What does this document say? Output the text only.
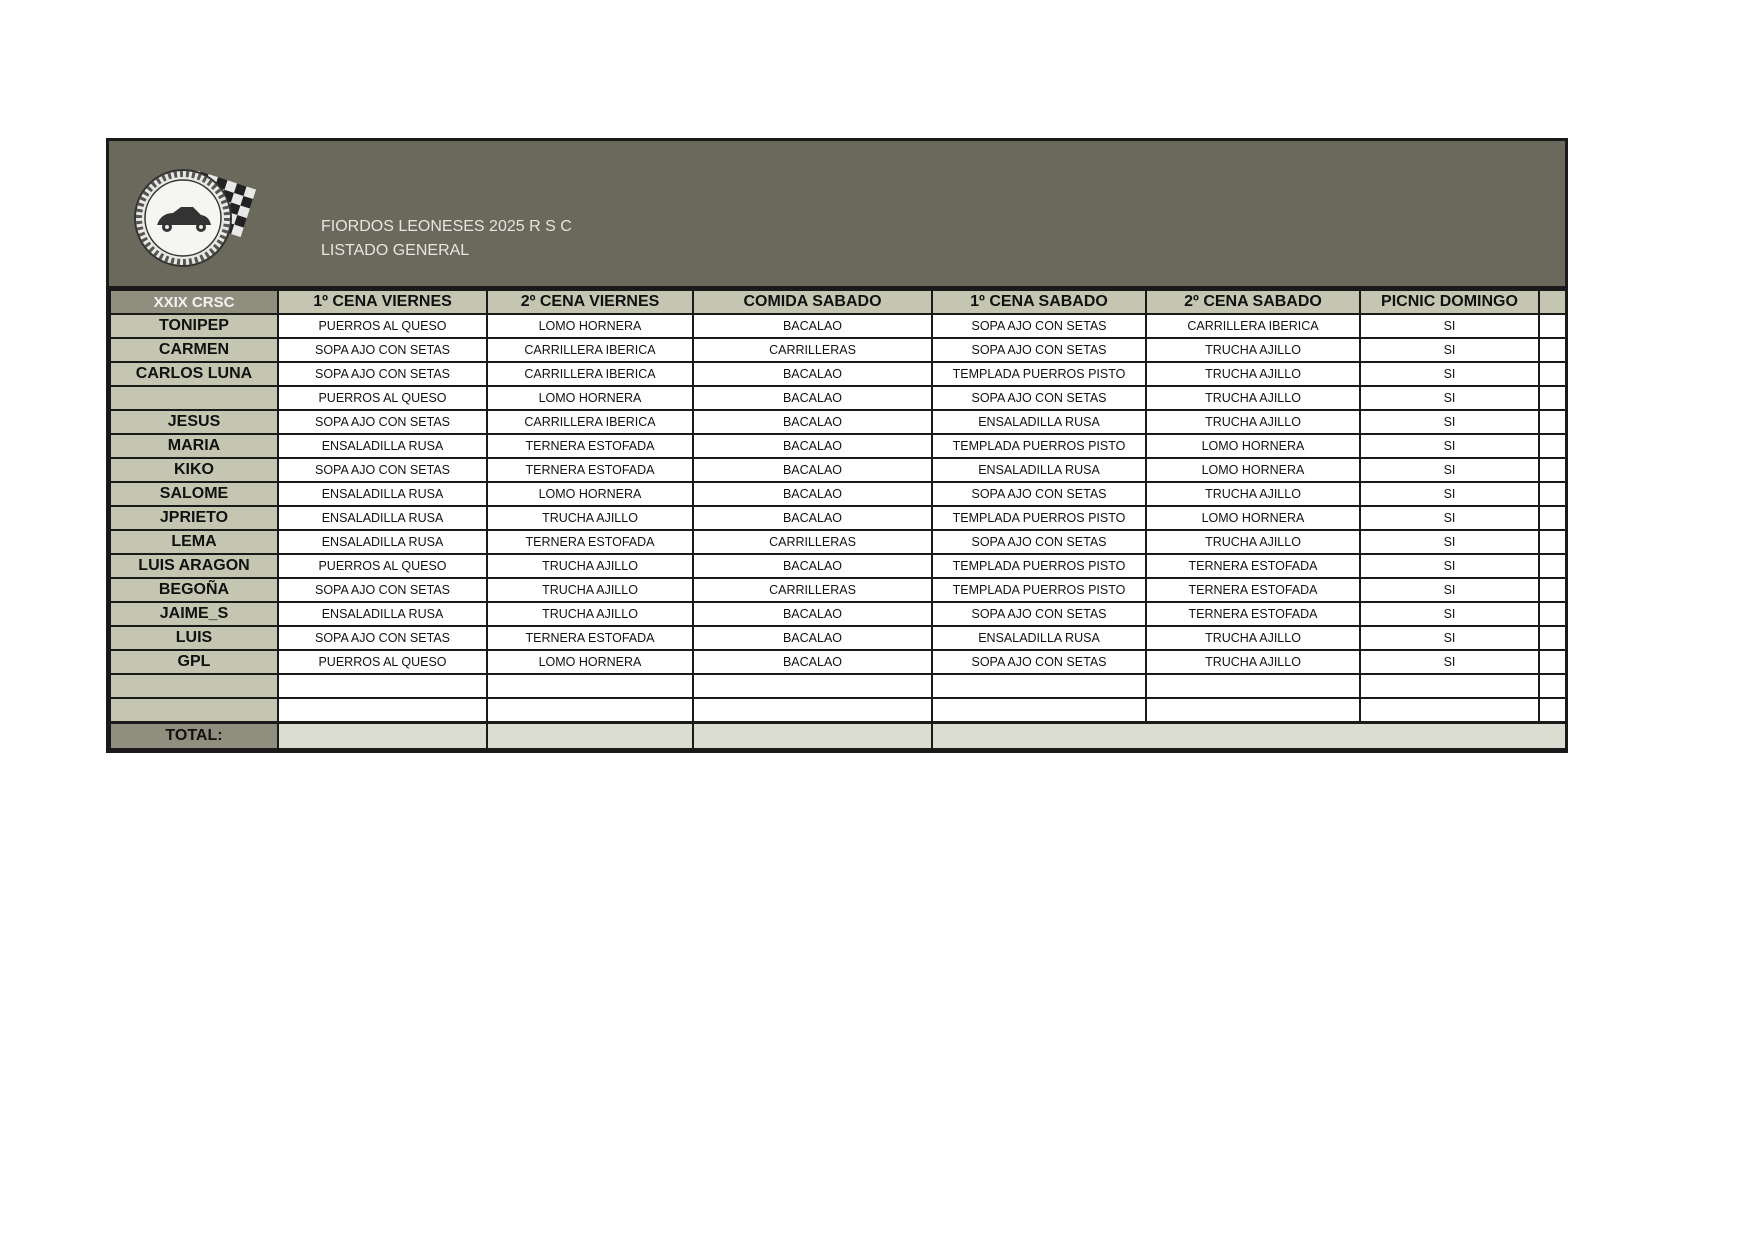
FIORDOS LEONESES 2025 R S C
LISTADO GENERAL
XXIX CRSC	1º CENA VIERNES	2º CENA VIERNES	COMIDA SABADO	1º CENA SABADO	2º CENA SABADO	PICNIC DOMINGO	
TONIPEP	PUERROS AL QUESO	LOMO HORNERA	BACALAO	SOPA AJO CON SETAS	CARRILLERA IBERICA	SI	
CARMEN	SOPA AJO CON SETAS	CARRILLERA IBERICA	CARRILLERAS	SOPA AJO CON SETAS	TRUCHA AJILLO	SI	
CARLOS LUNA	SOPA AJO CON SETAS	CARRILLERA IBERICA	BACALAO	TEMPLADA PUERROS PISTO	TRUCHA AJILLO	SI	
	PUERROS AL QUESO	LOMO HORNERA	BACALAO	SOPA AJO CON SETAS	TRUCHA AJILLO	SI	
JESUS	SOPA AJO CON SETAS	CARRILLERA IBERICA	BACALAO	ENSALADILLA RUSA	TRUCHA AJILLO	SI	
MARIA	ENSALADILLA RUSA	TERNERA ESTOFADA	BACALAO	TEMPLADA PUERROS PISTO	LOMO HORNERA	SI	
KIKO	SOPA AJO CON SETAS	TERNERA ESTOFADA	BACALAO	ENSALADILLA RUSA	LOMO HORNERA	SI	
SALOME	ENSALADILLA RUSA	LOMO HORNERA	BACALAO	SOPA AJO CON SETAS	TRUCHA AJILLO	SI	
JPRIETO	ENSALADILLA RUSA	TRUCHA AJILLO	BACALAO	TEMPLADA PUERROS PISTO	LOMO HORNERA	SI	
LEMA	ENSALADILLA RUSA	TERNERA ESTOFADA	CARRILLERAS	SOPA AJO CON SETAS	TRUCHA AJILLO	SI	
LUIS ARAGON	PUERROS AL QUESO	TRUCHA AJILLO	BACALAO	TEMPLADA PUERROS PISTO	TERNERA ESTOFADA	SI	
BEGOÑA	SOPA AJO CON SETAS	TRUCHA AJILLO	CARRILLERAS	TEMPLADA PUERROS PISTO	TERNERA ESTOFADA	SI	
JAIME_S	ENSALADILLA RUSA	TRUCHA AJILLO	BACALAO	SOPA AJO CON SETAS	TERNERA ESTOFADA	SI	
LUIS	SOPA AJO CON SETAS	TERNERA ESTOFADA	BACALAO	ENSALADILLA RUSA	TRUCHA AJILLO	SI	
GPL	PUERROS AL QUESO	LOMO HORNERA	BACALAO	SOPA AJO CON SETAS	TRUCHA AJILLO	SI	

TOTAL:							
